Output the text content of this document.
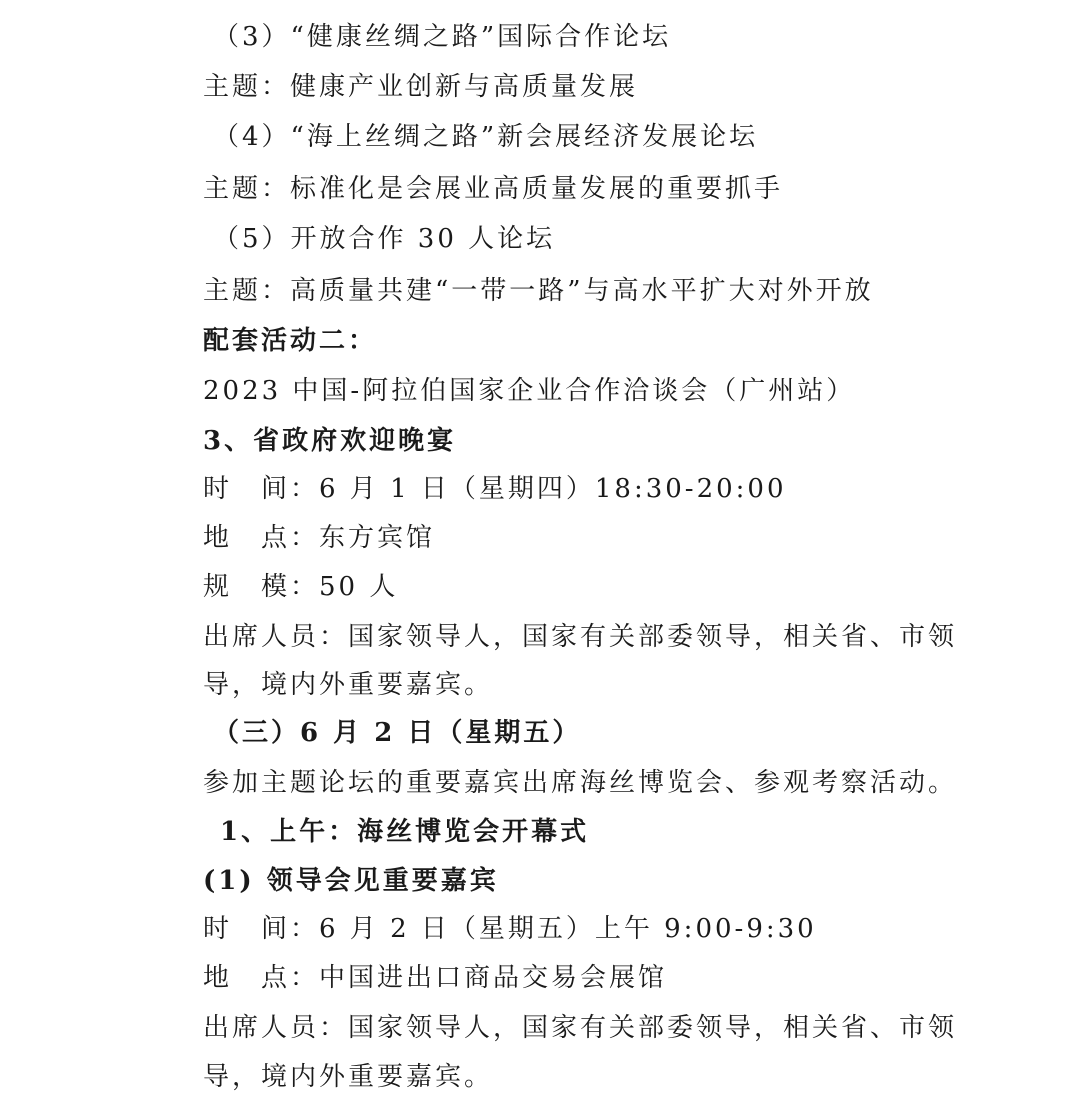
（3）“健康丝绸之路”国际合作论坛
主题：健康产业创新与高质量发展
（4）“海上丝绸之路”新会展经济发展论坛
主题：标准化是会展业高质量发展的重要抓手
（5）开放合作 30 人论坛
主题：高质量共建“一带一路”与高水平扩大对外开放
配套活动二：
2023 中国-阿拉伯国家企业合作洽谈会（广州站）
3、省政府欢迎晚宴
时　间：6 月 1 日（星期四）18:30-20:00
地　点：东方宾馆
规　模：50 人
出席人员：国家领导人，国家有关部委领导，相关省、市领
导，境内外重要嘉宾。
（三）6 月 2 日（星期五）
参加主题论坛的重要嘉宾出席海丝博览会、参观考察活动。
1、上午：海丝博览会开幕式
(1) 领导会见重要嘉宾
时　间：6 月 2 日（星期五）上午 9:00-9:30
地　点：中国进出口商品交易会展馆
出席人员：国家领导人，国家有关部委领导，相关省、市领
导，境内外重要嘉宾。
